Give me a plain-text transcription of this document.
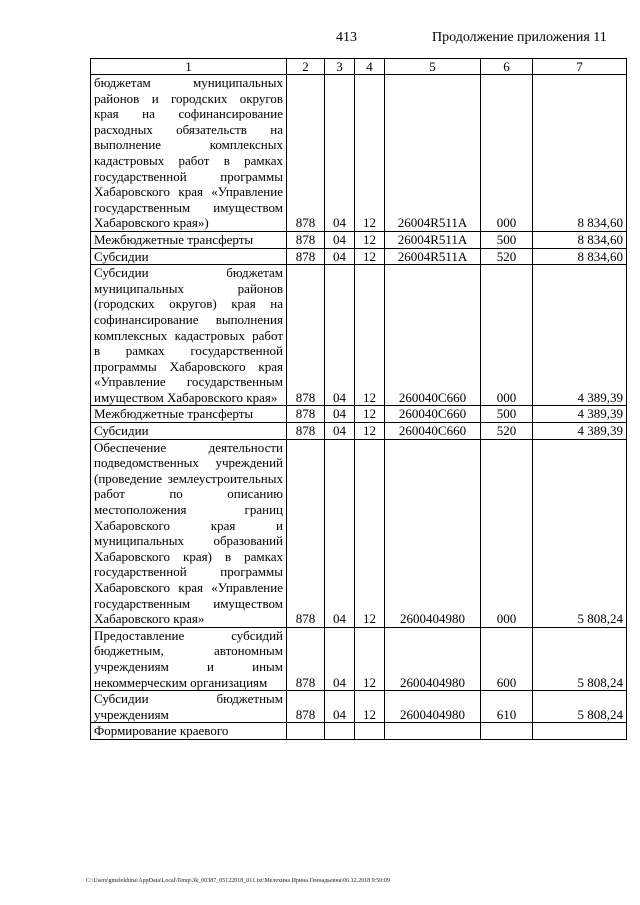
413	Продолжение приложения 11
1	2	3	4	5	6	7
бюджетам муниципальных районов и городских округов края на софинансирование расходных обязательств на выполнение комплексных кадастровых работ в рамках государственной программы Хабаровского края «Управление государственным имуществом Хабаровского края»)	878	04	12	26004R511A	000	8 834,60
Межбюджетные трансферты	878	04	12	26004R511A	500	8 834,60
Субсидии	878	04	12	26004R511A	520	8 834,60
Субсидии бюджетам муниципальных районов (городских округов) края на софинансирование выполнения комплексных кадастровых работ в рамках государственной программы Хабаровского края «Управление государственным имуществом Хабаровского края»	878	04	12	260040С660	000	4 389,39
Межбюджетные трансферты	878	04	12	260040С660	500	4 389,39
Субсидии	878	04	12	260040С660	520	4 389,39
Обеспечение деятельности подведомственных учреждений (проведение землеустроительных работ по описанию местоположения границ Хабаровского края и муниципальных образований Хабаровского края) в рамках государственной программы Хабаровского края «Управление государственным имуществом Хабаровского края»	878	04	12	2600404980	000	5 808,24
Предоставление субсидий бюджетным, автономным учреждениям и иным некоммерческим организациям	878	04	12	2600404980	600	5 808,24
Субсидии бюджетным учреждениям	878	04	12	2600404980	610	5 808,24
Формирование краевого						
C:\Users\gmelekhina\AppData\Local\Temp\3k_00387_05122018_011.txt\Мелехина Ирина Геннадьевна\06.12.2018 9:50:09
